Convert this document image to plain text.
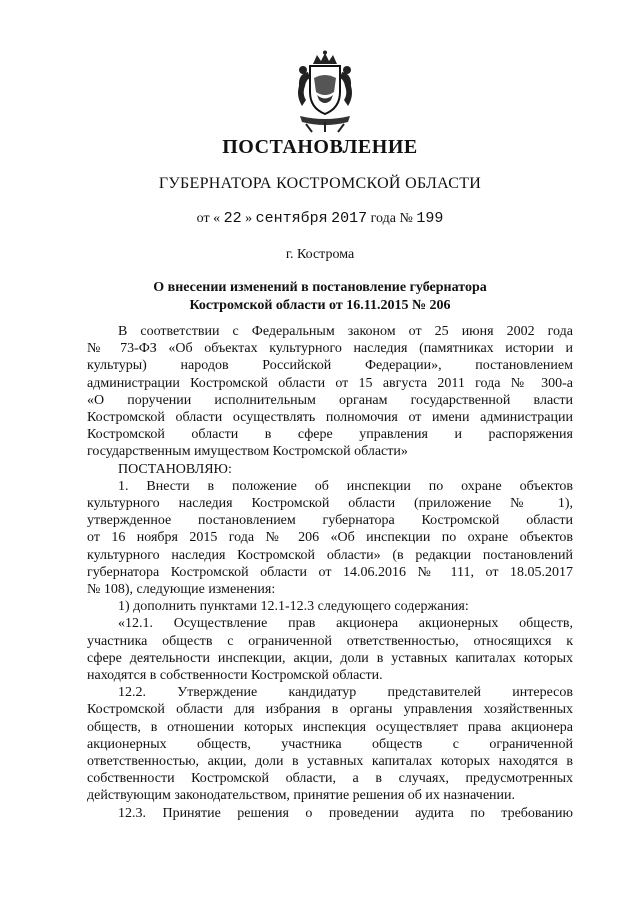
ПОСТАНОВЛЕНИЕ
ГУБЕРНАТОРА КОСТРОМСКОЙ ОБЛАСТИ
от « 22 » сентября 2017 года № 199
г. Кострома
О внесении изменений в постановление губернатора
Костромской области от 16.11.2015 № 206

В соответствии с Федеральным законом от 25 июня 2002 года

№ 73-ФЗ «Об объектах культурного наследия (памятниках истории и

культуры) народов Российской Федерации», постановлением

администрации Костромской области от 15 августа 2011 года № 300-а

«О поручении исполнительным органам государственной власти

Костромской области осуществлять полномочия от имени администрации

Костромской области в сфере управления и распоряжения

государственным имуществом Костромской области»

ПОСТАНОВЛЯЮ:

1. Внести в положение об инспекции по охране объектов

культурного наследия Костромской области (приложение № 1),

утвержденное постановлением губернатора Костромской области

от 16 ноября 2015 года № 206 «Об инспекции по охране объектов

культурного наследия Костромской области» (в редакции постановлений

губернатора Костромской области от 14.06.2016 № 111, от 18.05.2017

№ 108), следующие изменения:

1) дополнить пунктами 12.1-12.3 следующего содержания:

«12.1. Осуществление прав акционера акционерных обществ,

участника обществ с ограниченной ответственностью, относящихся к

сфере деятельности инспекции, акции, доли в уставных капиталах которых

находятся в собственности Костромской области.

12.2. Утверждение кандидатур представителей интересов

Костромской области для избрания в органы управления хозяйственных

обществ, в отношении которых инспекция осуществляет права акционера

акционерных обществ, участника обществ с ограниченной

ответственностью, акции, доли в уставных капиталах которых находятся в

собственности Костромской области, а в случаях, предусмотренных

действующим законодательством, принятие решения об их назначении.

12.3. Принятие решения о проведении аудита по требованию
